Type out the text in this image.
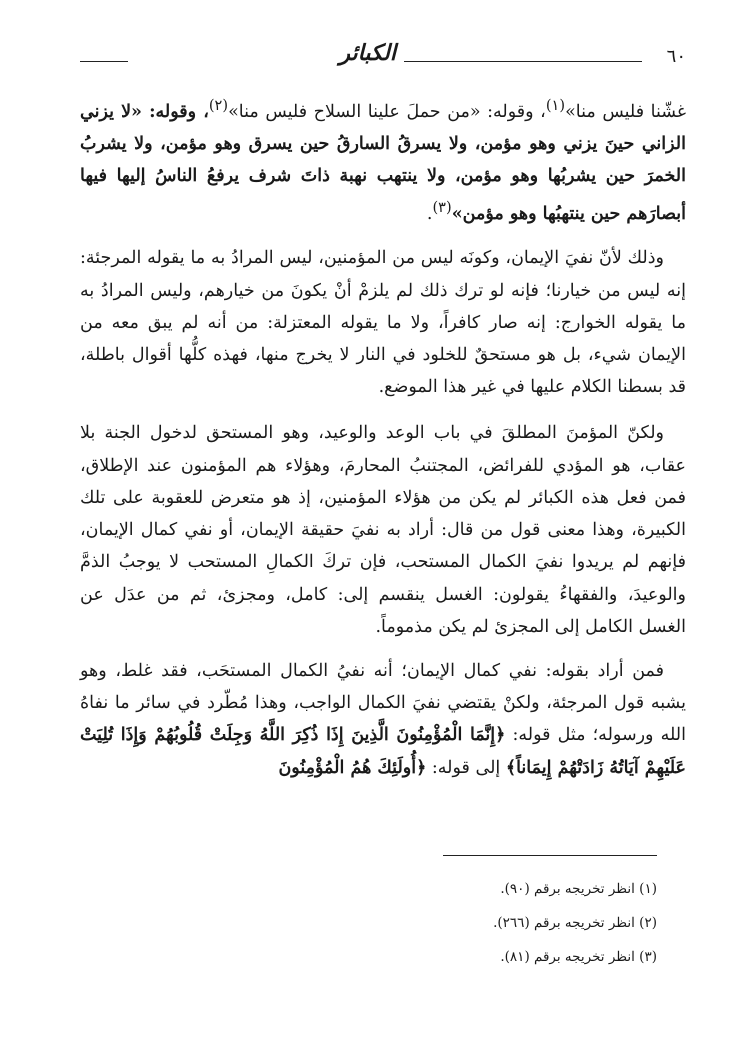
٦٠
الكبائر

غشّنا فليس منا»$^{(١)}$، وقوله: «من حملَ علينا السلاح فليس منا»$^{(٢)}$، وقوله: «لا يزني الزاني حينَ يزني وهو مؤمن، ولا يسرقُ السارقُ حين يسرق وهو مؤمن، ولا يشربُ الخمرَ حين يشربُها وهو مؤمن، ولا ينتهب نهبة ذاتَ شرف يرفعُ الناسُ إليها فيها أبصارَهم حين ينتهبُها وهو مؤمن»$^{(٣)}$.

وذلك لأنّ نفيَ الإيمان، وكونَه ليس من المؤمنين، ليس المرادُ به ما يقوله المرجئة: إنه ليس من خيارنا؛ فإنه لو ترك ذلك لم يلزمْ أنْ يكونَ من خيارهم، وليس المرادُ به ما يقوله الخوارج: إنه صار كافراً، ولا ما يقوله المعتزلة: من أنه لم يبق معه من الإيمان شيء، بل هو مستحقٌ للخلود في النار لا يخرج منها، فهذه كلُّها أقوال باطلة، قد بسطنا الكلام عليها في غير هذا الموضع.

ولكنّ المؤمنَ المطلقَ في باب الوعد والوعيد، وهو المستحق لدخول الجنة بلا عقاب، هو المؤدي للفرائض، المجتنبُ المحارمَ، وهؤلاء هم المؤمنون عند الإطلاق، فمن فعل هذه الكبائر لم يكن من هؤلاء المؤمنين، إذ هو متعرض للعقوبة على تلك الكبيرة، وهذا معنى قول من قال: أراد به نفيَ حقيقة الإيمان، أو نفي كمال الإيمان، فإنهم لم يريدوا نفيَ الكمال المستحب، فإن تركَ الكمالِ المستحب لا يوجبُ الذمَّ والوعيدَ، والفقهاءُ يقولون: الغسل ينقسم إلى: كامل، ومجزئ، ثم من عدَل عن الغسل الكامل إلى المجزئ لم يكن مذموماً.

فمن أراد بقوله: نفي كمال الإيمان؛ أنه نفيُ الكمال المستحَب، فقد غلط، وهو يشبه قول المرجئة، ولكنْ يقتضي نفيَ الكمال الواجب، وهذا مُطّرد في سائر ما نفاهُ الله ورسوله؛ مثل قوله: ﴿إِنَّمَا الْمُؤْمِنُونَ الَّذِينَ إِذَا ذُكِرَ اللَّهُ وَجِلَتْ قُلُوبُهُمْ وَإِذَا تُلِيَتْ عَلَيْهِمْ آيَاتُهُ زَادَتْهُمْ إِيمَاناً﴾ إلى قوله: ﴿أُولَئِكَ هُمُ الْمُؤْمِنُونَ

(١) انظر تخريجه برقم (٩٠).
(٢) انظر تخريجه برقم (٢٦٦).
(٣) انظر تخريجه برقم (٨١).
